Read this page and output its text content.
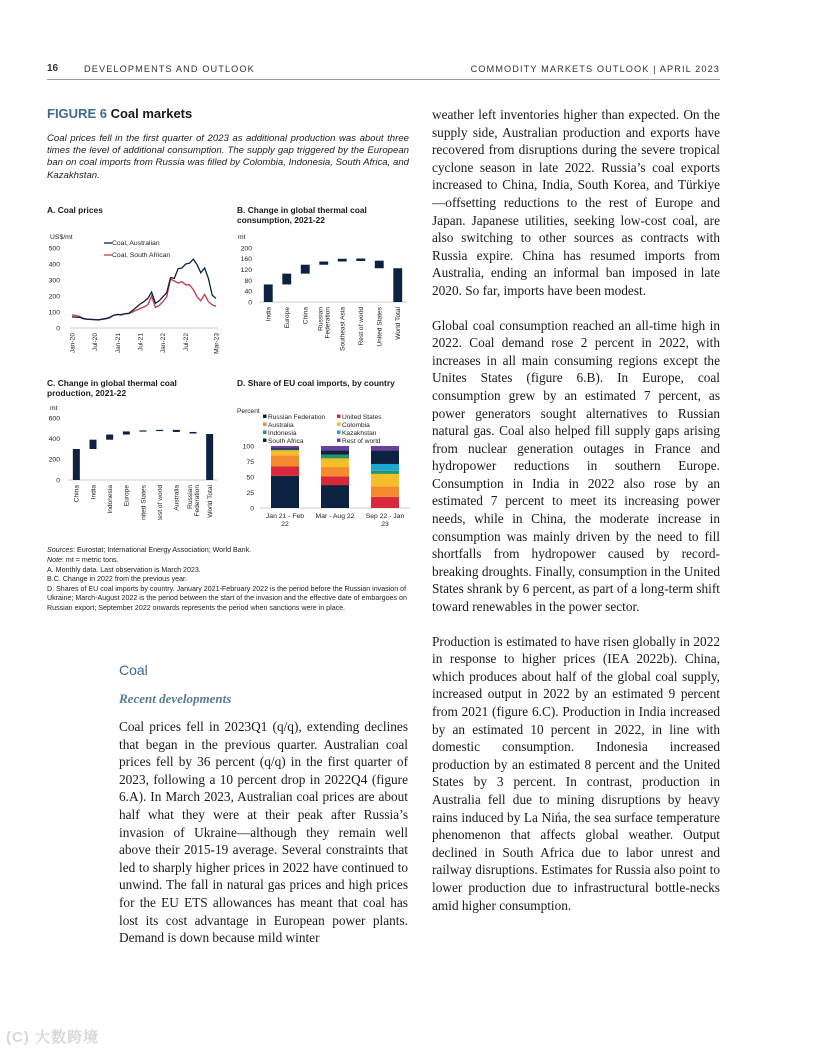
16	DEVELOPMENTS AND OUTLOOK	COMMODITY MARKETS OUTLOOK | APRIL 2023
FIGURE 6 Coal markets
Coal prices fell in the first quarter of 2023 as additional production was about three times the level of additional consumption. The supply gap triggered by the European ban on coal imports from Russia was filled by Colombia, Indonesia, South Africa, and Kazakhstan.
A. Coal prices	B. Change in global thermal coal consumption, 2021-22
C. Change in global thermal coal production, 2021-22
D. Share of EU coal imports, by country
US$/mt
0
100
200
300
400
500
Coal, Australian
Coal, South African
Jan-20 Jul-20 Jan-21 Jul-21 Jan-22 Jul-22	Mar-23
mt
0
40
80
120
160
200
India Europe China Russian Federation Southeast Asia Rest of world United States World Total
mt
0
200
400
600
China India Indonesia Europe United States Rest of world Australia Russian Federation World Total
Percent
Russian Federation	United States
Australia	Colombia
Indonesia	Kazakhstan
South Africa	Rest of world
0
25
50
75
100
Jan 21 - Feb
22
Mar - Aug 22 Sep 22 - Jan
23

Sources: Eurostat; International Energy Association; World Bank.

Note: mt = metric tons.

A. Monthly data. Last observation is March 2023.

B.C. Change in 2022 from the previous year.

D. Shares of EU coal imports by country. January 2021-February 2022 is the period before the Russian invasion of Ukraine; March-August 2022 is the period between the start of the invasion and the effective date of embargoes on Russian export; September 2022 onwards represents the period when sanctions were in place.

Coal
Recent developments

Coal prices fell in 2023Q1 (q/q), extending declines that began in the previous quarter. Australian coal prices fell by 36 percent (q/q) in the first quarter of 2023, following a 10 percent drop in 2022Q4 (figure 6.A). In March 2023, Australian coal prices are about half what they were at their peak after Russia’s invasion of Ukraine—although they remain well above their 2015-19 average. Several constraints that led to sharply higher prices in 2022 have continued to unwind. The fall in natural gas prices and high prices for the EU ETS allowances has meant that coal has lost its cost advantage in European power plants. Demand is down because mild winter

weather left inventories higher than expected. On the supply side, Australian production and exports have recovered from disruptions during the severe tropical cyclone season in late 2022. Russia’s coal exports increased to China, India, South Korea, and Türkiye—offsetting reductions to the rest of Europe and Japan. Japanese utilities, seeking low-cost coal, are also switching to other sources as contracts with Russia expire. China has resumed imports from Australia, ending an informal ban imposed in late 2020. So far, imports have been modest.

Global coal consumption reached an all-time high in 2022. Coal demand rose 2 percent in 2022, with increases in all main consuming regions except the Unites States (figure 6.B). In Europe, coal consumption grew by an estimated 7 percent, as power generators sought alternatives to Russian natural gas. Coal also helped fill supply gaps arising from nuclear generation outages in France and hydropower reductions in southern Europe. Consumption in India in 2022 also rose by an estimated 7 percent to meet its increasing power needs, while in China, the moderate increase in consumption was mainly driven by the need to fill shortfalls from hydropower caused by record-breaking droughts. Finally, consumption in the United States shrank by 6 percent, as part of a long-term shift toward renewables in the power sector.

Production is estimated to have risen globally in 2022 in response to higher prices (IEA 2022b). China, which produces about half of the global coal supply, increased output in 2022 by an estimated 9 percent from 2021 (figure 6.C). Production in India increased by an estimated 10 percent in 2022, in line with domestic consumption. Indonesia increased production by an estimated 8 percent and the United States by 3 percent. In contrast, production in Australia fell due to mining disruptions by heavy rains induced by La Nińa, the sea surface temperature phenomenon that affects global weather. Output declined in South Africa due to labor unrest and railway disruptions. Estimates for Russia also point to lower production due to infrastructural bottle-necks amid higher consumption.

(C) 大数跨境
